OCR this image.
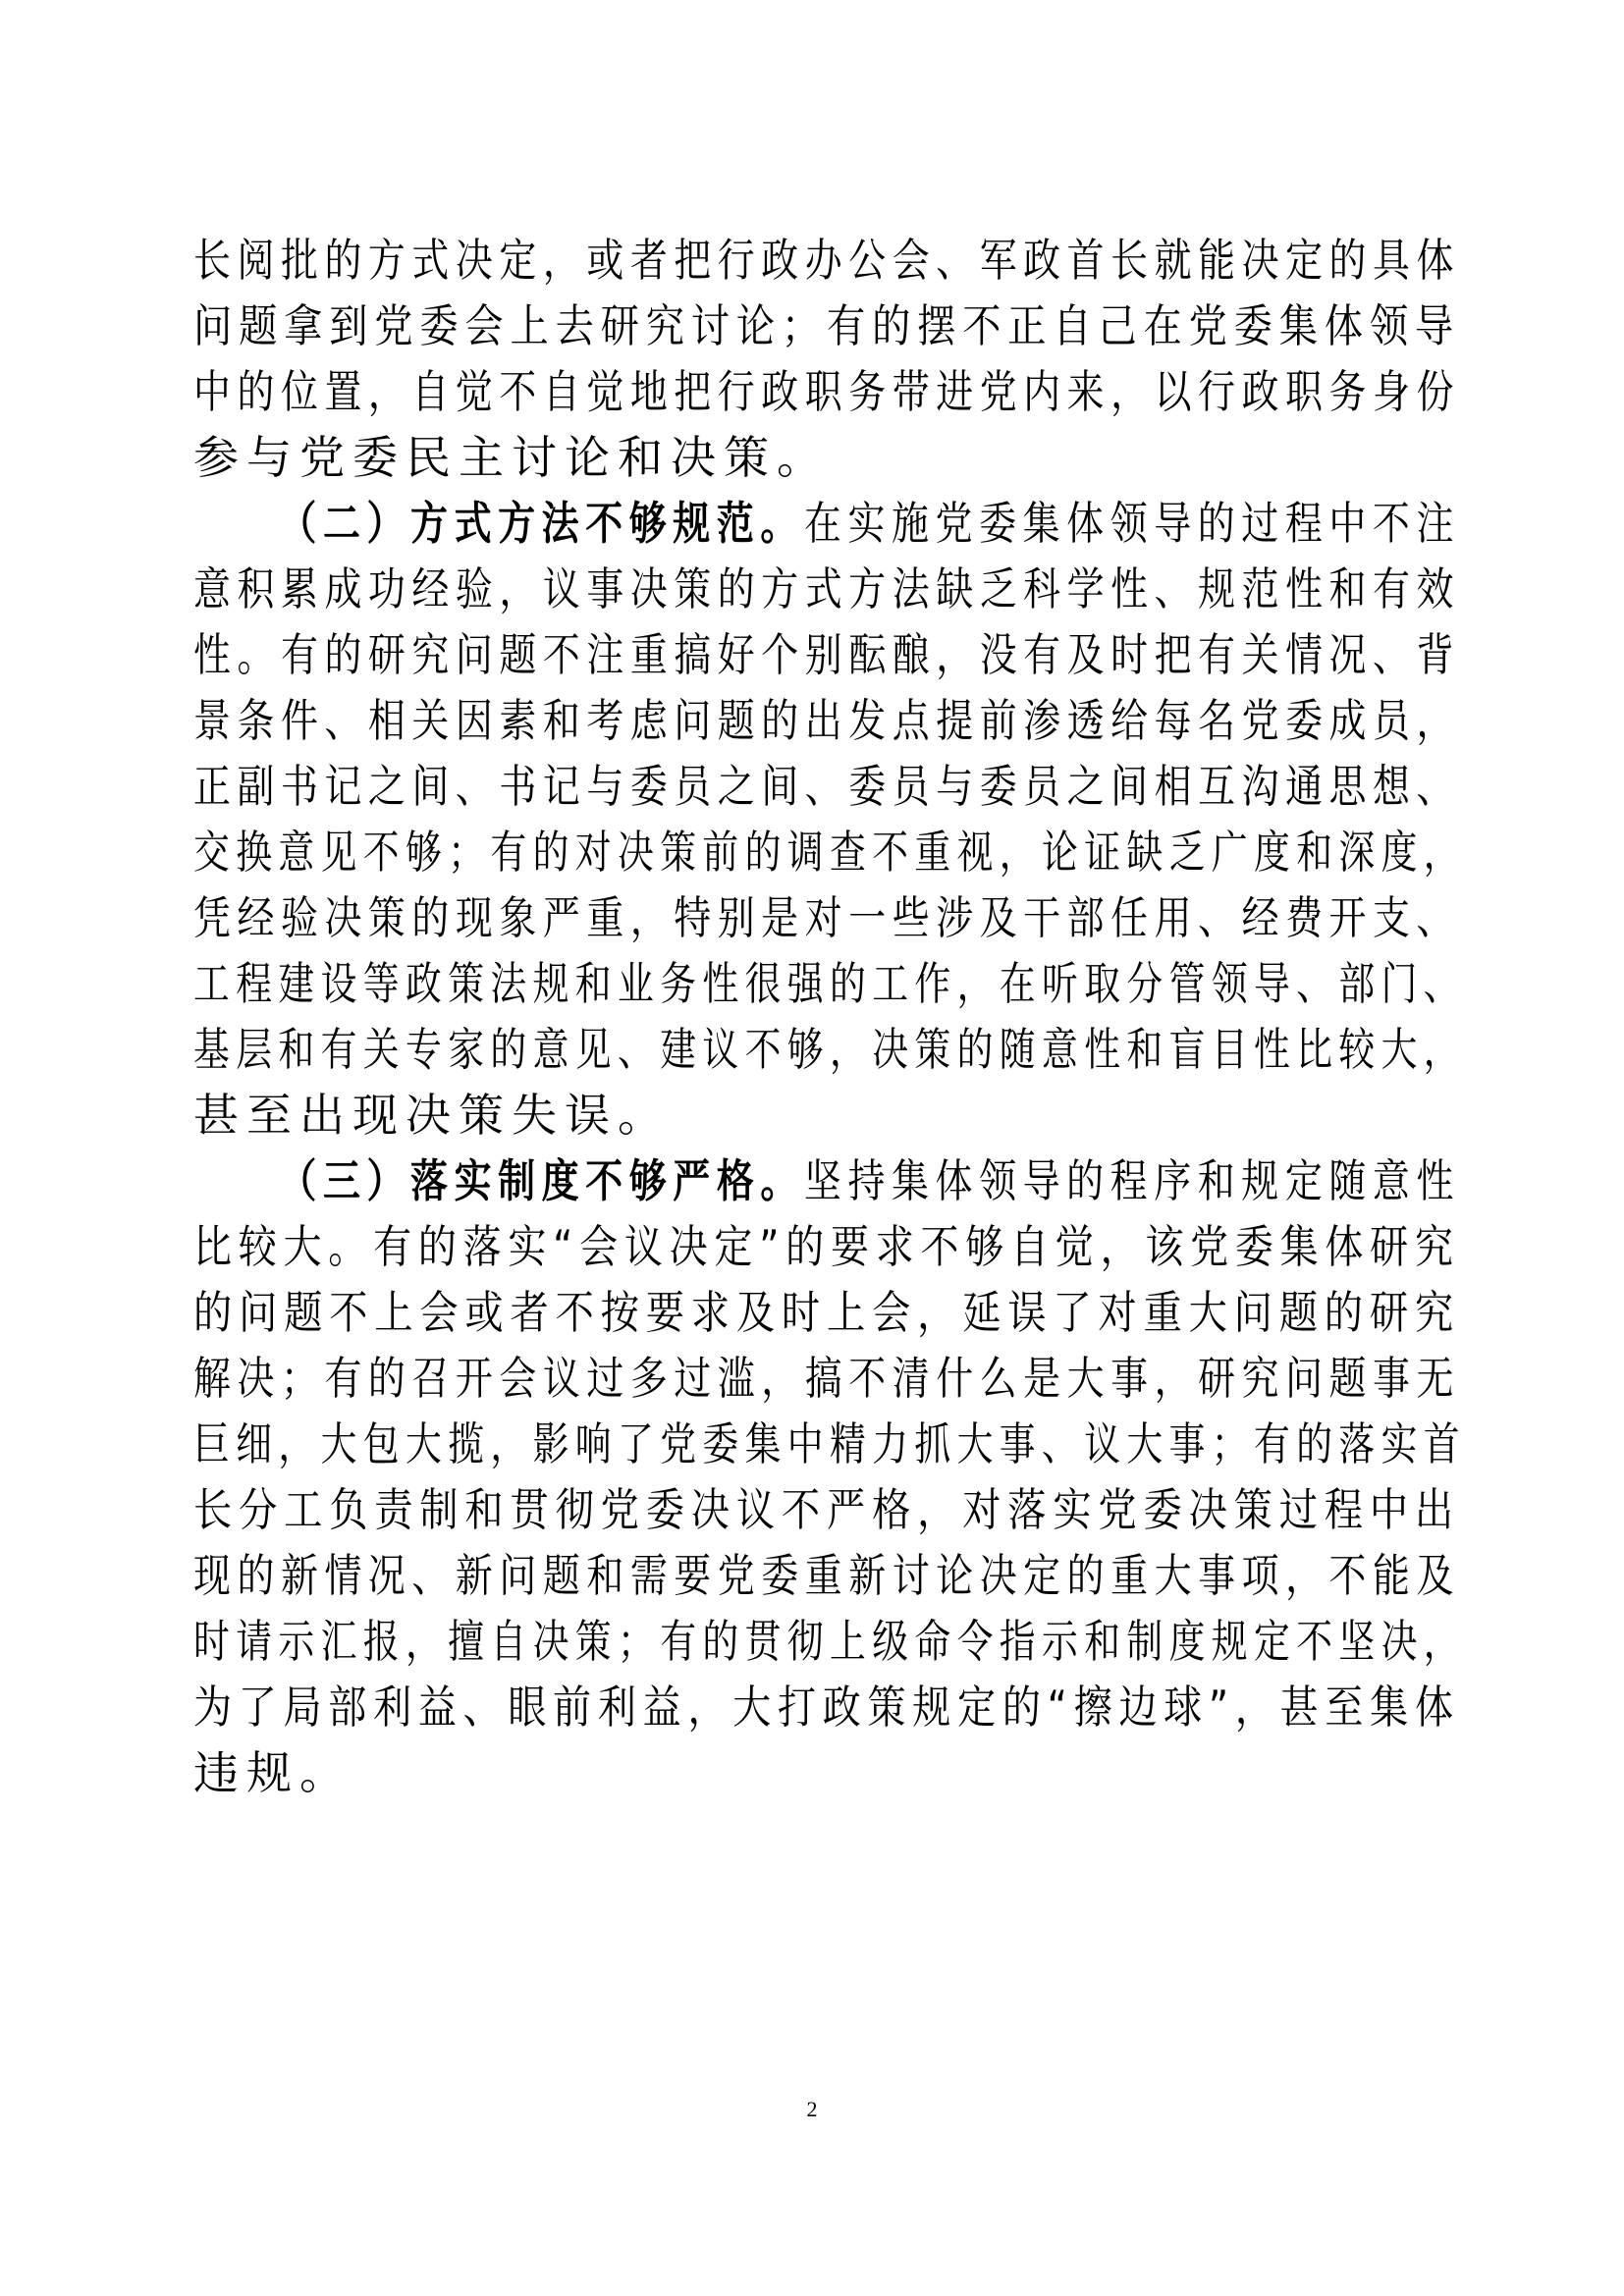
长阅批的方式决定，或者把行政办公会、军政首长就能决定的具体
问题拿到党委会上去研究讨论；有的摆不正自己在党委集体领导
中的位置，自觉不自觉地把行政职务带进党内来，以行政职务身份
参与党委民主讨论和决策。
（二）方式方法不够规范。在实施党委集体领导的过程中不注
意积累成功经验，议事决策的方式方法缺乏科学性、规范性和有效
性。有的研究问题不注重搞好个别酝酿，没有及时把有关情况、背
景条件、相关因素和考虑问题的出发点提前渗透给每名党委成员，
正副书记之间、书记与委员之间、委员与委员之间相互沟通思想、
交换意见不够；有的对决策前的调查不重视，论证缺乏广度和深度，
凭经验决策的现象严重，特别是对一些涉及干部任用、经费开支、
工程建设等政策法规和业务性很强的工作，在听取分管领导、部门、
基层和有关专家的意见、建议不够，决策的随意性和盲目性比较大，
甚至出现决策失误。
（三）落实制度不够严格。坚持集体领导的程序和规定随意性
比较大。有的落实“会议决定”的要求不够自觉，该党委集体研究
的问题不上会或者不按要求及时上会，延误了对重大问题的研究
解决；有的召开会议过多过滥，搞不清什么是大事，研究问题事无
巨细，大包大揽，影响了党委集中精力抓大事、议大事；有的落实首
长分工负责制和贯彻党委决议不严格，对落实党委决策过程中出
现的新情况、新问题和需要党委重新讨论决定的重大事项，不能及
时请示汇报，擅自决策；有的贯彻上级命令指示和制度规定不坚决，
为了局部利益、眼前利益，大打政策规定的“擦边球”，甚至集体
违规。
2
